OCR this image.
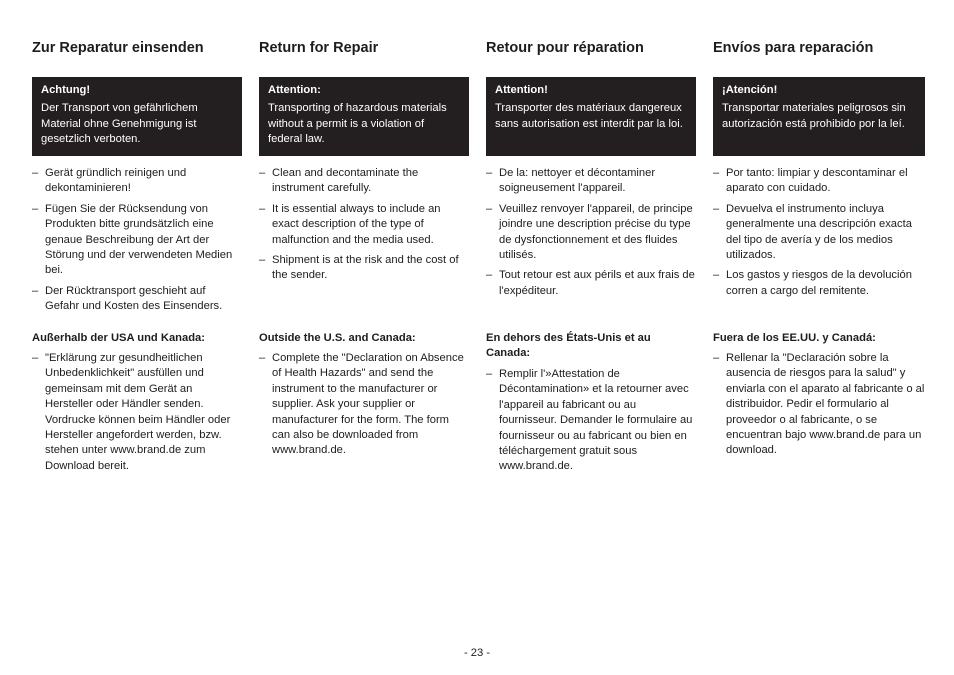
Zur Reparatur einsenden
Achtung!
Der Transport von gefährlichem Material ohne Genehmigung ist gesetzlich verboten.
– Gerät gründlich reinigen und dekontaminieren!
– Fügen Sie der Rücksendung von Produkten bitte grundsätzlich eine genaue Beschreibung der Art der Störung und der verwendeten Medien bei.
– Der Rücktransport geschieht auf Gefahr und Kosten des Einsenders.
Außerhalb der USA und Kanada:
– "Erklärung zur gesundheitlichen Unbedenklichkeit" ausfüllen und gemeinsam mit dem Gerät an Hersteller oder Händler senden. Vordrucke können beim Händler oder Hersteller angefordert werden, bzw. stehen unter www.brand.de zum Download bereit.
Return for Repair
Attention:
Transporting of hazardous materials without a permit is a violation of federal law.
– Clean and decontaminate the instrument carefully.
– It is essential always to include an exact description of the type of malfunction and the media used.
– Shipment is at the risk and the cost of the sender.
Outside the U.S. and Canada:
– Complete the "Declaration on Absence of Health Hazards" and send the instrument to the manufacturer or supplier. Ask your supplier or manufacturer for the form. The form can also be downloaded from www.brand.de.
Retour pour réparation
Attention!
Transporter des matériaux dangereux sans autorisation est interdit par la loi.
– De la: nettoyer et décontaminer soigneusement l'appareil.
– Veuillez renvoyer l'appareil, de principe joindre une description précise du type de dysfonctionnement et des fluides utilisés.
– Tout retour est aux périls et aux frais de l'expéditeur.
En dehors des États-Unis et au Canada:
– Remplir l'»Attestation de Décontamination» et la retourner avec l'appareil au fabricant ou au fournisseur. Demander le formulaire au fournisseur ou au fabricant ou bien en téléchargement gratuit sous www.brand.de.
Envíos para reparación
¡Atención!
Transportar materiales peligrosos sin autorización está prohibido por la leí.
– Por tanto: limpiar y descontaminar el aparato con cuidado.
– Devuelva el instrumento incluya generalmente una descripción exacta del tipo de avería y de los medios utilizados.
– Los gastos y riesgos de la devolución corren a cargo del remitente.
Fuera de los EE.UU. y Canadá:
– Rellenar la "Declaración sobre la ausencia de riesgos para la salud" y enviarla con el aparato al fabricante o al distribuidor. Pedir el formulario al proveedor o al fabricante, o se encuentran bajo www.brand.de para un download.
- 23 -
